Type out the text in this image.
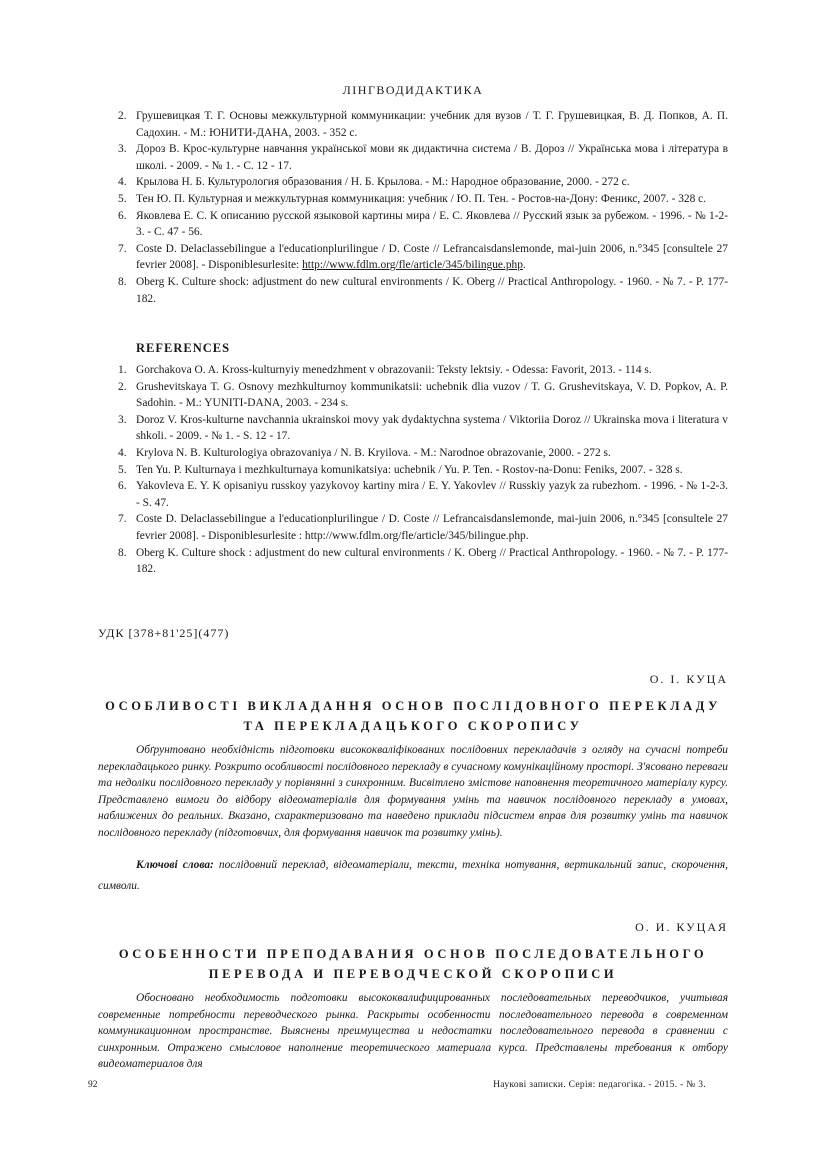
ЛІНГВОДИДАКТИКА
2. Грушевицкая Т. Г. Основы межкультурной коммуникации: учебник для вузов / Т. Г. Грушевицкая, В. Д. Попков, А. П. Садохин. - М.: ЮНИТИ-ДАНА, 2003. - 352 с.
3. Дороз В. Крос-культурне навчання української мови як дидактична система / В. Дороз // Українська мова і література в школі. - 2009. - № 1. - С. 12 - 17.
4. Крылова Н. Б. Культурология образования / Н. Б. Крылова. - М.: Народное образование, 2000. - 272 с.
5. Тен Ю. П. Культурная и межкультурная коммуникация: учебник / Ю. П. Тен. - Ростов-на-Дону: Феникс, 2007. - 328 с.
6. Яковлева Е. С. К описанию русской языковой картины мира / Е. С. Яковлева // Русский язык за рубежом. - 1996. - № 1-2-3. - С. 47 - 56.
7. Coste D. Delaclassebilingue a l'educationplurilingue / D. Coste // Lefrancaisdanslemonde, mai-juin 2006, n.°345 [consultele 27 fevrier 2008]. - Disponiblesurlesite: http://www.fdlm.org/fle/article/345/bilingue.php.
8. Oberg K. Culture shock: adjustment do new cultural environments / K. Oberg // Practical Anthropology. - 1960. - № 7. - P. 177-182.
REFERENCES
1. Gorchakova O. A. Kross-kulturnyiy menedzhment v obrazovanii: Teksty lektsiy. - Odessa: Favorit, 2013. - 114 s.
2. Grushevitskaya T. G. Osnovy mezhkulturnoy kommunikatsii: uchebnik dlia vuzov / T. G. Grushevitskaya, V. D. Popkov, A. P. Sadohin. - M.: YUNITI-DANA, 2003. - 234 s.
3. Doroz V. Kros-kulturne navchannia ukrainskoi movy yak dydaktychna systema / Viktoriia Doroz // Ukrainska mova i literatura v shkoli. - 2009. - № 1. - S. 12 - 17.
4. Krylova N. B. Kulturologiya obrazovaniya / N. B. Kryilova. - M.: Narodnoe obrazovanie, 2000. - 272 s.
5. Ten Yu. P. Kulturnaya i mezhkulturnaya komunikatsiya: uchebnik / Yu. P. Ten. - Rostov-na-Donu: Feniks, 2007. - 328 s.
6. Yakovleva E. Y. K opisaniyu russkoy yazykovoy kartiny mira / E. Y. Yakovlev // Russkiy yazyk za rubezhom. - 1996. - № 1-2-3. - S. 47.
7. Coste D. Delaclassebilingue a l'educationplurilingue / D. Coste // Lefrancaisdanslemonde, mai-juin 2006, n.°345 [consultele 27 fevrier 2008]. - Disponiblesurlesite : http://www.fdlm.org/fle/article/345/bilingue.php.
8. Oberg K. Culture shock : adjustment do new cultural environments / K. Oberg // Practical Anthropology. - 1960. - № 7. - P. 177-182.
УДК [378+81'25](477)
О. І. КУЦА
ОСОБЛИВОСТІ ВИКЛАДАННЯ ОСНОВ ПОСЛІДОВНОГО ПЕРЕКЛАДУ ТА ПЕРЕКЛАДАЦЬКОГО СКОРОПИСУ

Обґрунтовано необхідність підготовки висококваліфікованих послідовних перекладачів з огляду на сучасні потреби перекладацького ринку. Розкрито особливості послідовного перекладу в сучасному комунікаційному просторі. З'ясовано переваги та недоліки послідовного перекладу у порівнянні з синхронним. Висвітлено змістове наповнення теоретичного матеріалу курсу. Представлено вимоги до відбору відеоматеріалів для формування умінь та навичок послідовного перекладу в умовах, наближених до реальних. Вказано, схарактеризовано та наведено приклади підсистем вправ для розвитку умінь та навичок послідовного перекладу (підготовчих, для формування навичок та розвитку умінь).

Ключові слова: послідовний переклад, відеоматеріали, тексти, техніка нотування, вертикальний запис, скорочення, символи.

О. И. КУЦАЯ
ОСОБЕННОСТИ ПРЕПОДАВАНИЯ ОСНОВ ПОСЛЕДОВАТЕЛЬНОГО ПЕРЕВОДА И ПЕРЕВОДЧЕСКОЙ СКОРОПИСИ

Обосновано необходимость подготовки высококвалифицированных последовательных переводчиков, учитывая современные потребности переводческого рынка. Раскрыты особенности последовательного перевода в современном коммуникационном пространстве. Выяснены преимущества и недостатки последовательного перевода в сравнении с синхронным. Отражено смысловое наполнение теоретического материала курса. Представлены требования к отбору видеоматериалов для

92	Наукові записки. Серія: педагогіка. - 2015. - № 3.
